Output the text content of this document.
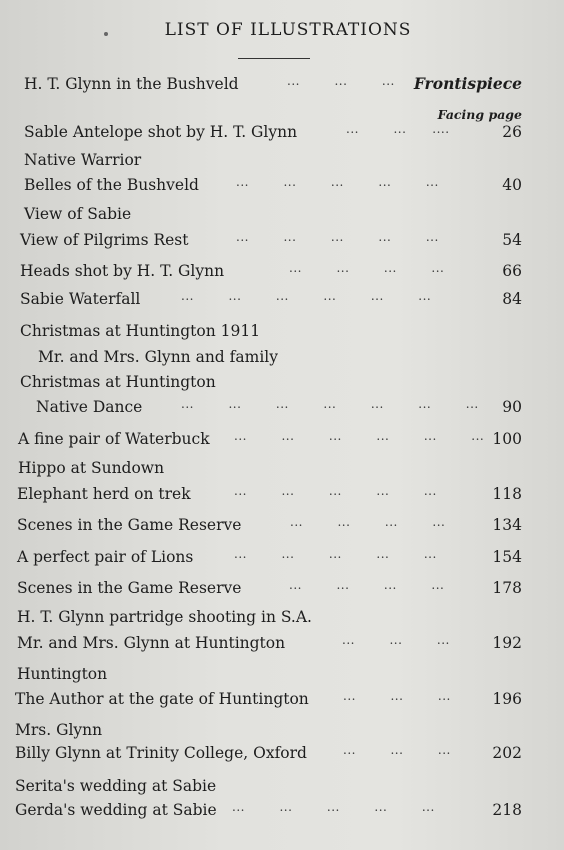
LIST OF ILLUSTRATIONS
Facing page
H. T. Glynn in the Bushveld	...        ...        ... Frontispiece
Sable Antelope shot by H. T. Glynn	...        ...      ....	26
Native Warrior
Belles of the Bushveld	...        ...        ...        ...        ...	40
View of Sabie
View of Pilgrims Rest	...        ...        ...        ...        ...	54
Heads shot by H. T. Glynn	...        ...        ...        ...	66
Sabie Waterfall	...        ...        ...        ...        ...        ...	84
Christmas at Huntington 1911
Mr. and Mrs. Glynn and family
Christmas at Huntington
Native Dance	...        ...        ...        ...        ...        ...        ... 90
A fine pair of Waterbuck ...        ...        ...        ...        ...        ... 100
Hippo at Sundown
Elephant herd on trek	...        ...        ...        ...        ...	118
Scenes in the Game Reserve	...        ...        ...        ...	134
A perfect pair of Lions	...        ...        ...        ...        ...	154
Scenes in the Game Reserve	...        ...        ...        ...	178
H. T. Glynn partridge shooting in S.A.
Mr. and Mrs. Glynn at Huntington	...        ...        ...	192
Huntington
The Author at the gate of Huntington	...        ...        ...	196
Mrs. Glynn
Billy Glynn at Trinity College, Oxford	...        ...        ...	202
Serita's wedding at Sabie
Gerda's wedding at Sabie ...        ...        ...        ...        ...	218
